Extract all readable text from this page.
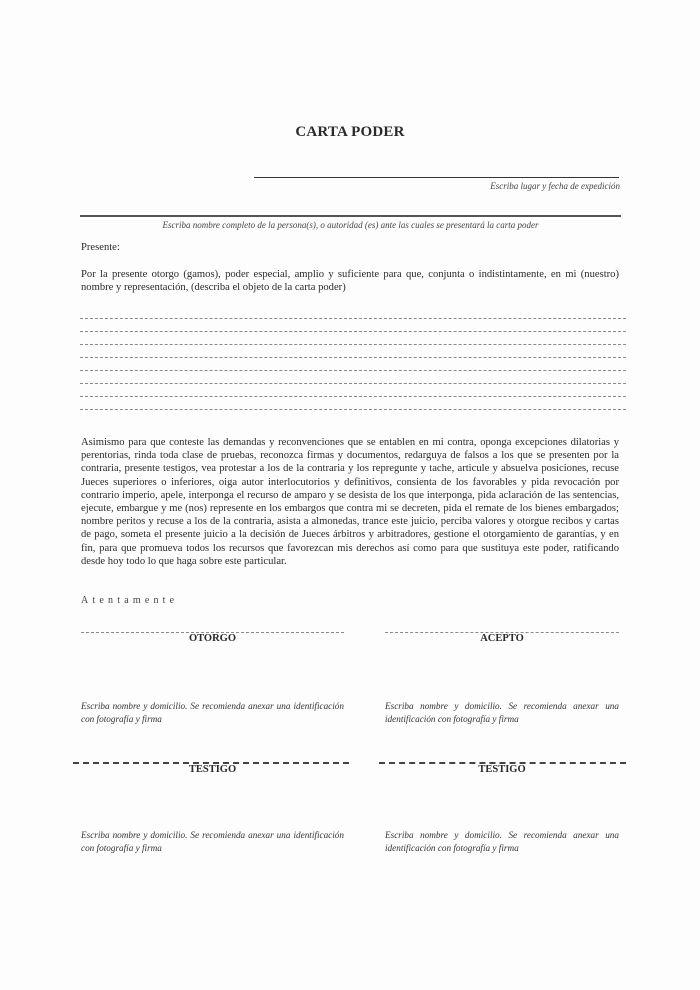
CARTA PODER
Escriba lugar y fecha de expedición
Escriba nombre completo de la persona(s), o autoridad (es) ante las cuales se presentará la carta poder
Presente:
Por la presente otorgo (gamos), poder especial, amplio y suficiente para que, conjunta o indistintamente, en mi (nuestro) nombre y representación, (describa el objeto de la carta poder)
Asimismo para que conteste las demandas y reconvenciones que se entablen en mi contra, oponga excepciones dilatorias y perentorias, rinda toda clase de pruebas, reconozca firmas y documentos, redarguya de falsos a los que se presenten por la contraria, presente testigos, vea protestar a los de la contraria y los repregunte y tache, articule y absuelva posiciones, recuse Jueces superiores o inferiores, oiga autor interlocutorios y definitivos, consienta de los favorables y pida revocación por contrario imperio, apele, interponga el recurso de amparo y se desista de los que interponga, pida aclaración de las sentencias, ejecute, embargue y me (nos) represente en los embargos que contra mi se decreten, pida el remate de los bienes embargados; nombre peritos y recuse a los de la contraria, asista a almonedas, trance este juicio, perciba valores y otorgue recibos y cartas de pago, someta el presente juicio a la decisión de Jueces árbitros y arbitradores, gestione el otorgamiento de garantías, y en fin, para que promueva todos los recursos que favorezcan mis derechos así como para que sustituya este poder, ratificando desde hoy todo lo que haga sobre este particular.
Atentamente
OTORGO
Escriba nombre y domicilio. Se recomienda anexar una identificación con fotografía y firma
ACEPTO
Escriba nombre y domicilio. Se recomienda anexar una identificación con fotografía y firma
TESTIGO
Escriba nombre y domicilio. Se recomienda anexar una identificación con fotografía y firma
TESTIGO
Escriba nombre y domicilio. Se recomienda anexar una identificación con fotografía y firma
